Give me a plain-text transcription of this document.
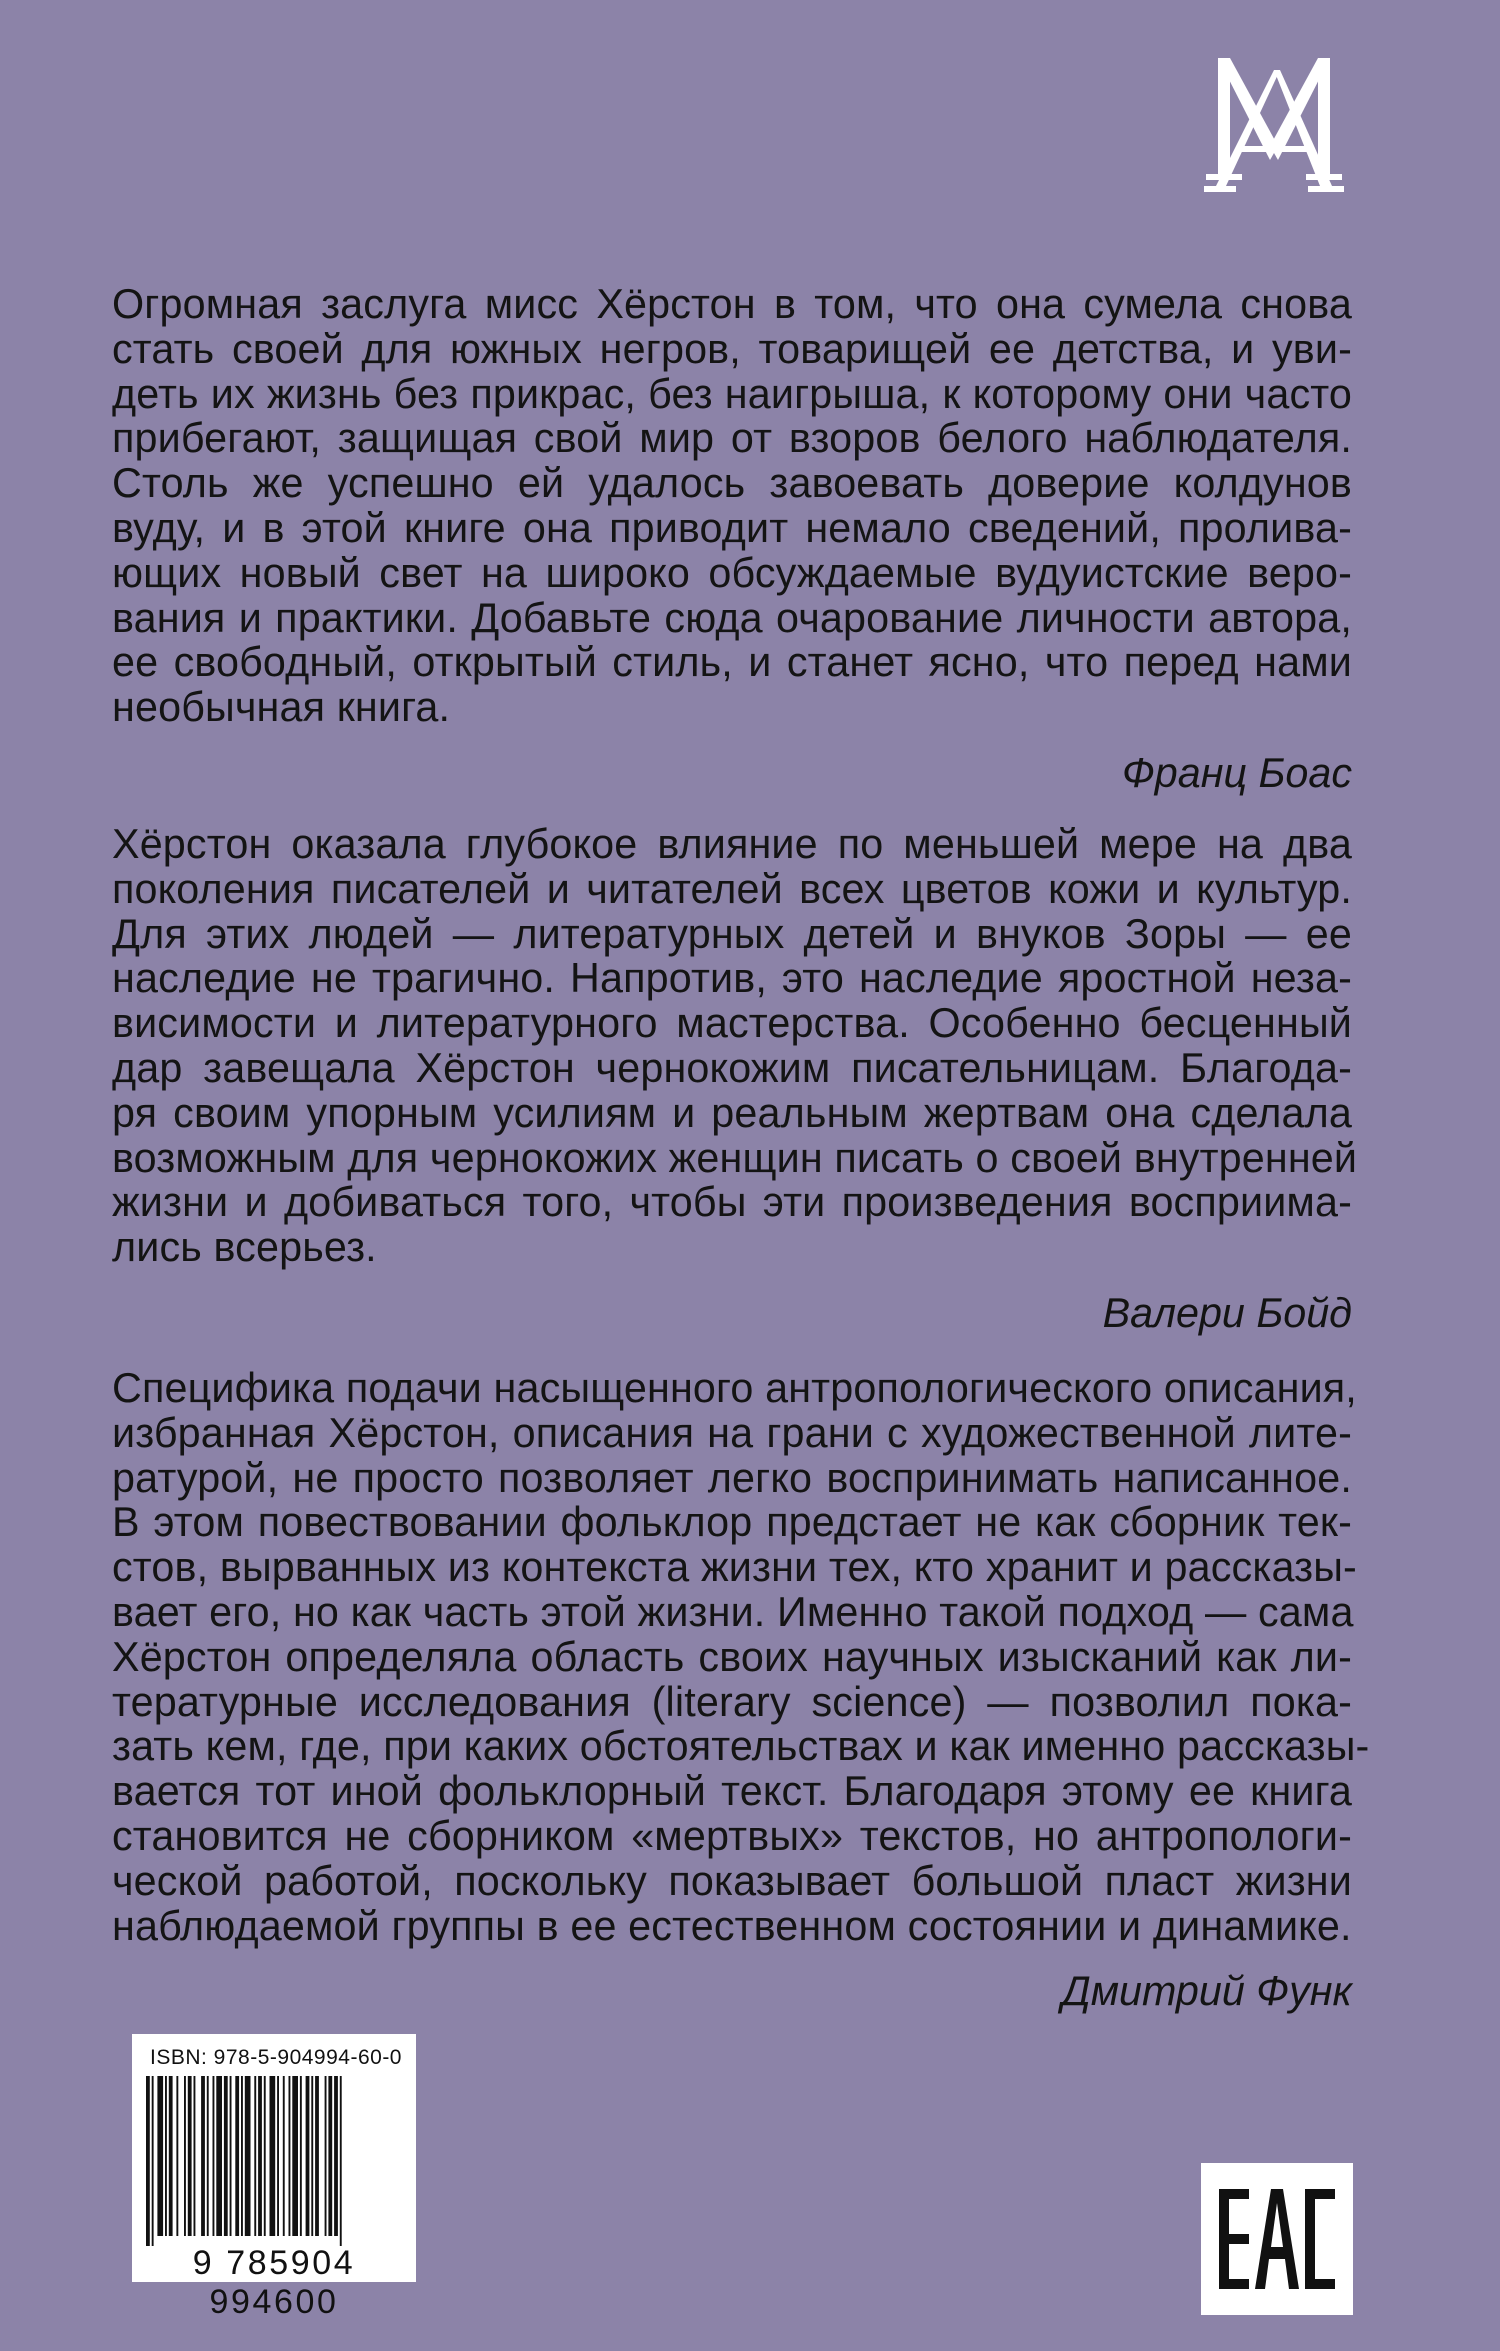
Огромная заслуга мисс Хёрстон в том, что она сумела снова
стать своей для южных негров, товарищей ее детства, и уви-
деть их жизнь без прикрас, без наигрыша, к которому они часто
прибегают, защищая свой мир от взоров белого наблюдателя.
Столь же успешно ей удалось завоевать доверие колдунов
вуду, и в этой книге она приводит немало сведений, пролива-
ющих новый свет на широко обсуждаемые вудуистские веро-
вания и практики. Добавьте сюда очарование личности автора,
ее свободный, открытый стиль, и станет ясно, что перед нами
необычная книга.
Франц Боас
Хёрстон оказала глубокое влияние по меньшей мере на два
поколения писателей и читателей всех цветов кожи и культур.
Для этих людей — литературных детей и внуков Зоры — ее
наследие не трагично. Напротив, это наследие яростной неза-
висимости и литературного мастерства. Особенно бесценный
дар завещала Хёрстон чернокожим писательницам. Благода-
ря своим упорным усилиям и реальным жертвам она сделала
возможным для чернокожих женщин писать о своей внутренней
жизни и добиваться того, чтобы эти произведения восприима-
лись всерьез.
Валери Бойд
Специфика подачи насыщенного антропологического описания,
избранная Хёрстон, описания на грани с художественной лите-
ратурой, не просто позволяет легко воспринимать написанное.
В этом повествовании фольклор предстает не как сборник тек-
стов, вырванных из контекста жизни тех, кто хранит и рассказы-
вает его, но как часть этой жизни. Именно такой подход — сама
Хёрстон определяла область своих научных изысканий как ли-
тературные исследования (literary science) — позволил пока-
зать кем, где, при каких обстоятельствах и как именно рассказы-
вается тот иной фольклорный текст. Благодаря этому ее книга
становится не сборником «мертвых» текстов, но антропологи-
ческой работой, поскольку показывает большой пласт жизни
наблюдаемой группы в ее естественном состоянии и динамике.
Дмитрий Функ
ISBN: 978-5-904994-60-0
9 785904 994600
